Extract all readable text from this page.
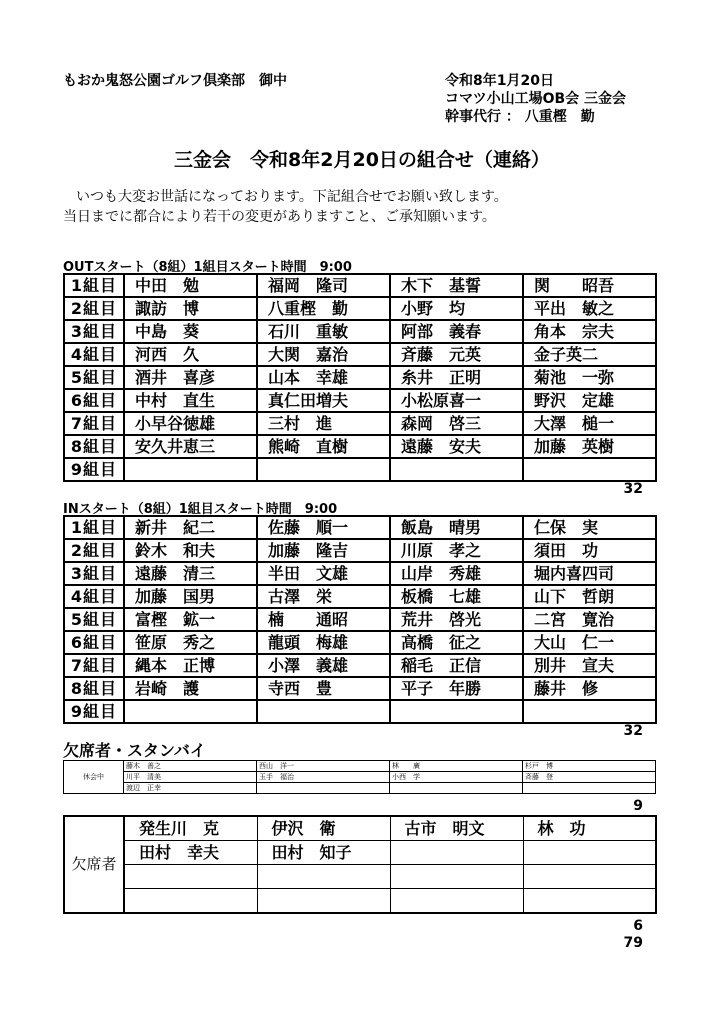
もおか鬼怒公園ゴルフ倶楽部　御中	令和8年1月20日
コマツ小山工場OB会 三金会
幹事代行 ： 八重樫　勤
三金会　令和8年2月20日の組合せ（連絡）
いつも大変お世話になっております。下記組合せでお願い致します。
当日までに都合により若干の変更がありますこと、ご承知願います。
OUTスタート（8組）1組目スタート時間　9:00
1組目	中田　勉	福岡　隆司	木下　基誓	関　　昭吾
2組目	諏訪　博	八重樫　勤	小野　均	平出　敏之
3組目	中島　葵	石川　重敏	阿部　義春	角本　宗夫
4組目	河西　久	大関　嘉治	斉藤　元英	金子英二
5組目	酒井　喜彦	山本　幸雄	糸井　正明	菊池　一弥
6組目	中村　直生	真仁田増夫	小松原喜一	野沢　定雄
7組目	小早谷徳雄	三村　進	森岡　啓三	大澤　槌一
8組目	安久井恵三	熊崎　直樹	遠藤　安夫	加藤　英樹
9組目				
32
INスタート（8組）1組目スタート時間　9:00
1組目	新井　紀二	佐藤　順一	飯島　晴男	仁保　実
2組目	鈴木　和夫	加藤　隆吉	川原　孝之	須田　功
3組目	遠藤　清三	半田　文雄	山岸　秀雄	堀内喜四司
4組目	加藤　国男	古澤　栄	板橋　七雄	山下　哲朗
5組目	富樫　鉱一	楠　　通昭	荒井　啓光	二宮　寛治
6組目	笹原　秀之	龍頭　梅雄	高橋　征之	大山　仁一
7組目	縄本　正博	小澤　義雄	稲毛　正信	別井　宣夫
8組目	岩崎　護	寺西　豊	平子　年勝	藤井　修
9組目				
32
欠席者・スタンバイ
休会中	藤木　善之	西山　洋一	林　　廣	杉戸　博
	川平　清美	玉手　福治	小西　学	斉藤　登
	渡辺　正幸			
9
欠席者	発生川　克	伊沢　衛	古市　明文	林　功
	田村　幸夫	田村　知子		

6
79
